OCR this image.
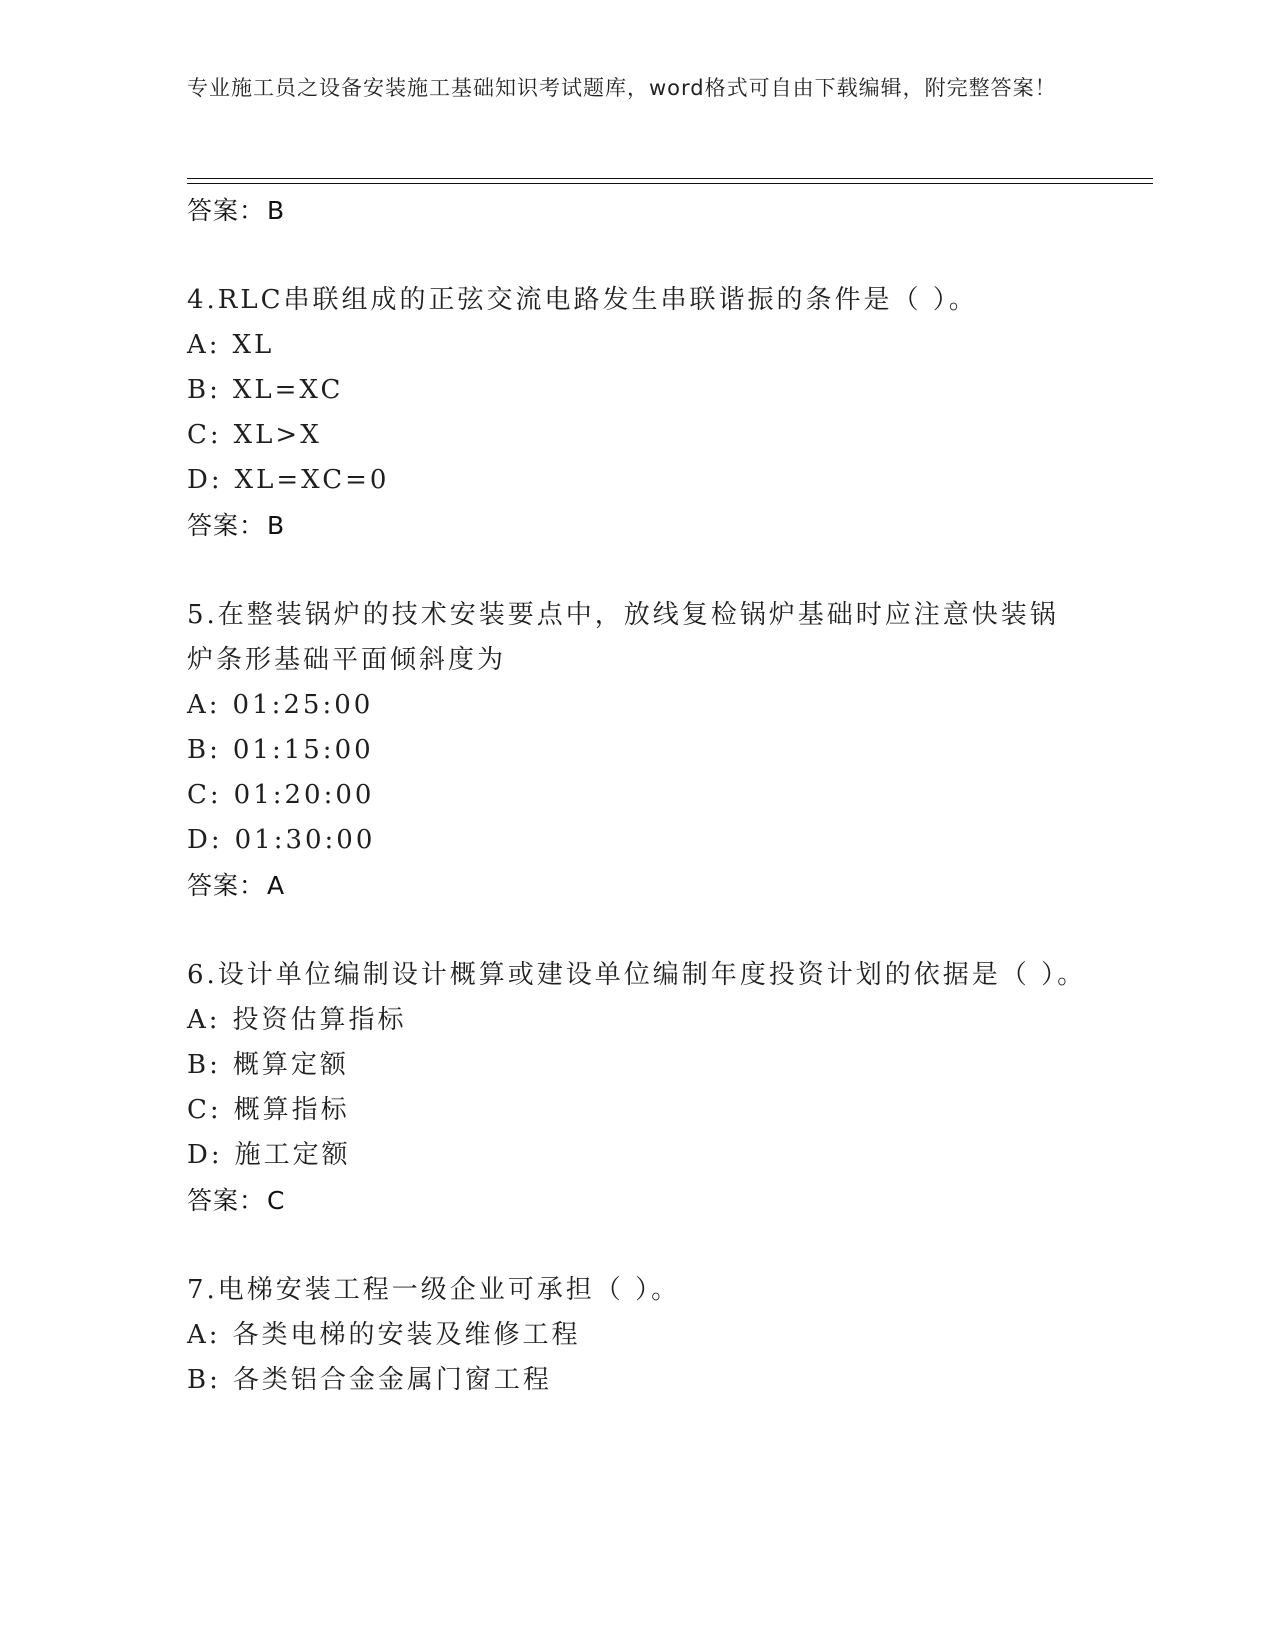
专业施工员之设备安装施工基础知识考试题库，word格式可自由下载编辑，附完整答案！
答案：B
4.RLC串联组成的正弦交流电路发生串联谐振的条件是（ ）。
A: XL
B: XL=XC
C: XL>X
D: XL=XC=0
答案：B
5.在整装锅炉的技术安装要点中，放线复检锅炉基础时应注意快装锅炉条形基础平面倾斜度为
A: 01:25:00
B: 01:15:00
C: 01:20:00
D: 01:30:00
答案：A
6.设计单位编制设计概算或建设单位编制年度投资计划的依据是（ ）。
A: 投资估算指标
B: 概算定额
C: 概算指标
D: 施工定额
答案：C
7.电梯安装工程一级企业可承担（ ）。
A: 各类电梯的安装及维修工程
B: 各类铝合金金属门窗工程
